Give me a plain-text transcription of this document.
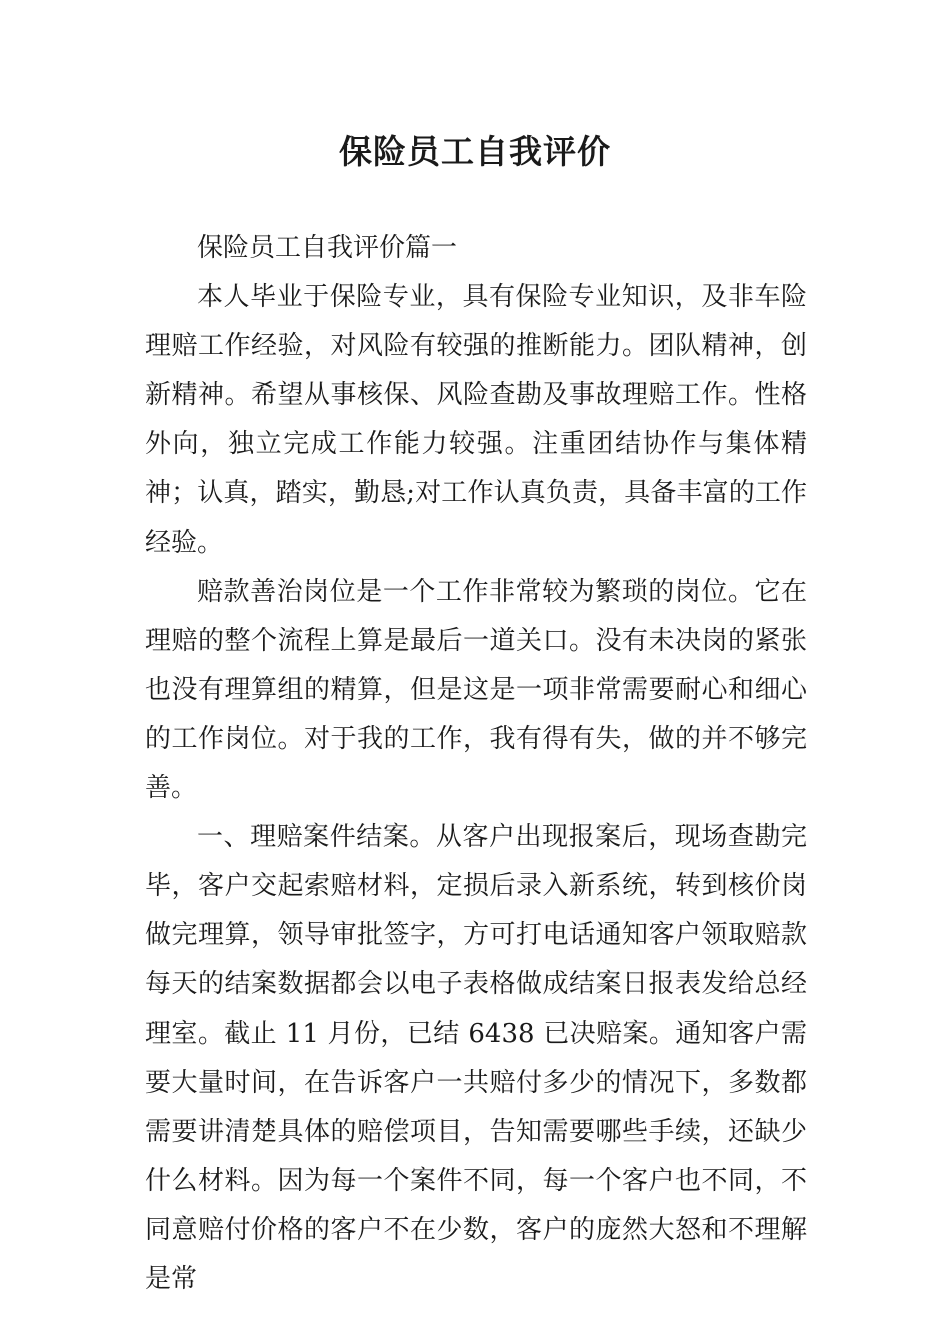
保险员工自我评价

保险员工自我评价篇一

本人毕业于保险专业，具有保险专业知识，及非车险理赔工作经验，对风险有较强的推断能力。团队精神，创新精神。希望从事核保、风险查勘及事故理赔工作。性格外向，独立完成工作能力较强。注重团结协作与集体精神；认真，踏实，勤恳;对工作认真负责，具备丰富的工作经验。

赔款善治岗位是一个工作非常较为繁琐的岗位。它在理赔的整个流程上算是最后一道关口。没有未决岗的紧张也没有理算组的精算，但是这是一项非常需要耐心和细心的工作岗位。对于我的工作，我有得有失，做的并不够完善。

一、理赔案件结案。从客户出现报案后，现场查勘完毕，客户交起索赔材料，定损后录入新系统，转到核价岗做完理算，领导审批签字，方可打电话通知客户领取赔款每天的结案数据都会以电子表格做成结案日报表发给总经理室。截止 11 月份，已结 6438 已决赔案。通知客户需要大量时间，在告诉客户一共赔付多少的情况下，多数都需要讲清楚具体的赔偿项目，告知需要哪些手续，还缺少什么材料。因为每一个案件不同，每一个客户也不同，不同意赔付价格的客户不在少数，客户的庞然大怒和不理解是常
